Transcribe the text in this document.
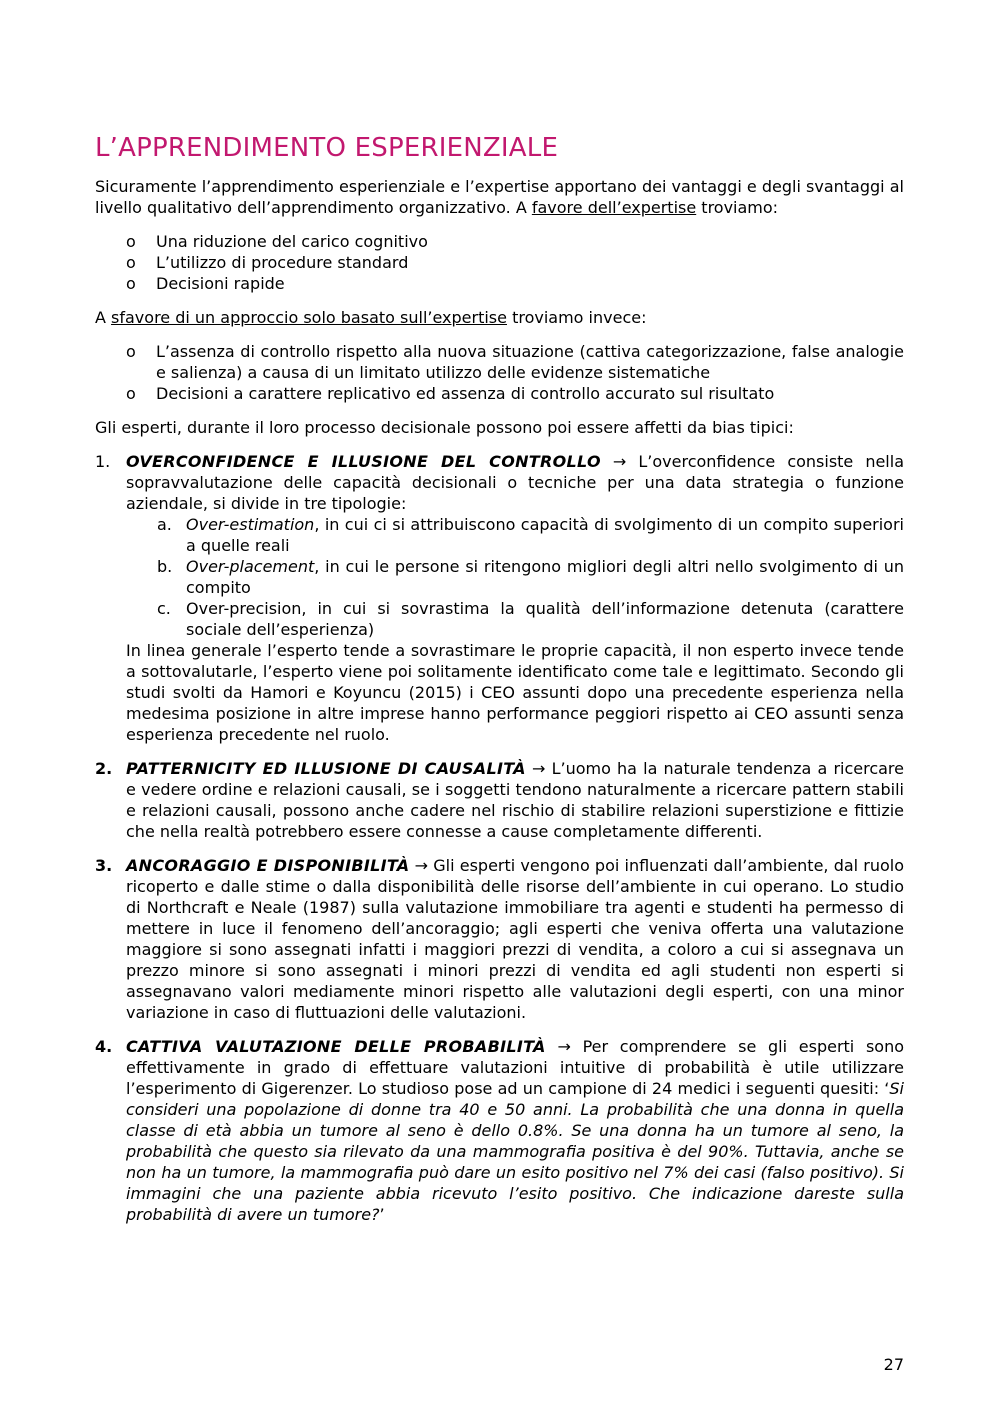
L’APPRENDIMENTO ESPERIENZIALE

Sicuramente l’apprendimento esperienziale e l’expertise apportano dei vantaggi e degli svantaggi al livello qualitativo dell’apprendimento organizzativo. A favore dell’expertise troviamo:

o Una riduzione del carico cognitivo
o L’utilizzo di procedure standard
o Decisioni rapide

A sfavore di un approccio solo basato sull’expertise troviamo invece:

o L’assenza di controllo rispetto alla nuova situazione (cattiva categorizzazione, false analogie e salienza) a causa di un limitato utilizzo delle evidenze sistematiche
o Decisioni a carattere replicativo ed assenza di controllo accurato sul risultato

Gli esperti, durante il loro processo decisionale possono poi essere affetti da bias tipici:

1. OVERCONFIDENCE E ILLUSIONE DEL CONTROLLO → L’overconfidence consiste nella sopravvalutazione delle capacità decisionali o tecniche per una data strategia o funzione aziendale, si divide in tre tipologie:

a. Over-estimation, in cui ci si attribuiscono capacità di svolgimento di un compito superiori a quelle reali
b. Over-placement, in cui le persone si ritengono migliori degli altri nello svolgimento di un compito
c. Over-precision, in cui si sovrastima la qualità dell’informazione detenuta (carattere sociale dell’esperienza)

In linea generale l’esperto tende a sovrastimare le proprie capacità, il non esperto invece tende a sottovalutarle, l’esperto viene poi solitamente identificato come tale e legittimato. Secondo gli studi svolti da Hamori e Koyuncu (2015) i CEO assunti dopo una precedente esperienza nella medesima posizione in altre imprese hanno performance peggiori rispetto ai CEO assunti senza esperienza precedente nel ruolo.

2. PATTERNICITY ED ILLUSIONE DI CAUSALITÀ → L’uomo ha la naturale tendenza a ricercare e vedere ordine e relazioni causali, se i soggetti tendono naturalmente a ricercare pattern stabili e relazioni causali, possono anche cadere nel rischio di stabilire relazioni superstizione e fittizie che nella realtà potrebbero essere connesse a cause completamente differenti.

3. ANCORAGGIO E DISPONIBILITÀ → Gli esperti vengono poi influenzati dall’ambiente, dal ruolo ricoperto e dalle stime o dalla disponibilità delle risorse dell’ambiente in cui operano. Lo studio di Northcraft e Neale (1987) sulla valutazione immobiliare tra agenti e studenti ha permesso di mettere in luce il fenomeno dell’ancoraggio; agli esperti che veniva offerta una valutazione maggiore si sono assegnati infatti i maggiori prezzi di vendita, a coloro a cui si assegnava un prezzo minore si sono assegnati i minori prezzi di vendita ed agli studenti non esperti si assegnavano valori mediamente minori rispetto alle valutazioni degli esperti, con una minor variazione in caso di fluttuazioni delle valutazioni.

4. CATTIVA VALUTAZIONE DELLE PROBABILITÀ → Per comprendere se gli esperti sono effettivamente in grado di effettuare valutazioni intuitive di probabilità è utile utilizzare l’esperimento di Gigerenzer. Lo studioso pose ad un campione di 24 medici i seguenti quesiti: ‘Si consideri una popolazione di donne tra 40 e 50 anni. La probabilità che una donna in quella classe di età abbia un tumore al seno è dello 0.8%. Se una donna ha un tumore al seno, la probabilità che questo sia rilevato da una mammografia positiva è del 90%. Tuttavia, anche se non ha un tumore, la mammografia può dare un esito positivo nel 7% dei casi (falso positivo). Si immagini che una paziente abbia ricevuto l’esito positivo. Che indicazione dareste sulla probabilità di avere un tumore?’

27
